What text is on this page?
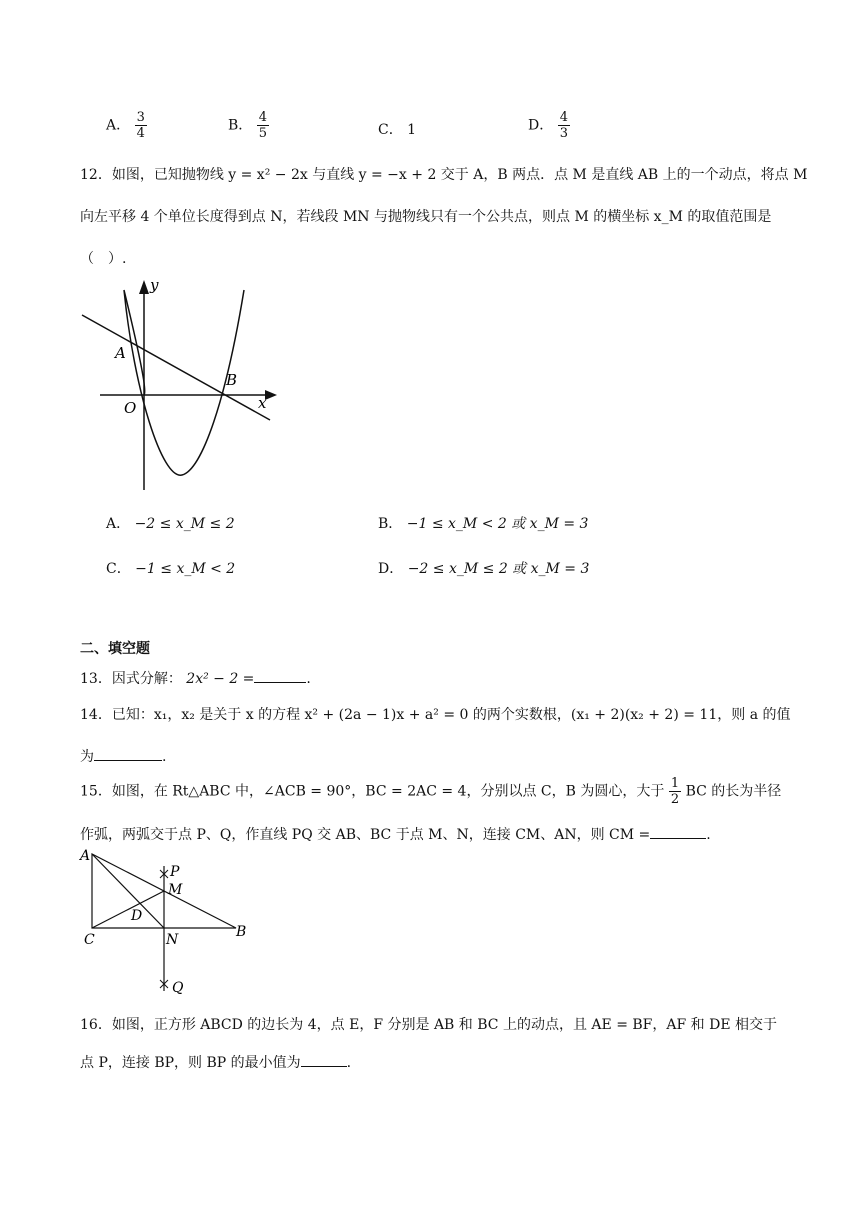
A． $\frac{3}{4}$	B． $\frac{4}{5}$	C． 1	D． $\frac{4}{3}$
12．如图，已知抛物线 y = x² − 2x 与直线 y = −x + 2 交于 A，B 两点．点 M 是直线 AB 上的一个动点，将点 M
向左平移 4 个单位长度得到点 N，若线段 MN 与抛物线只有一个公共点，则点 M 的横坐标 x_M 的取值范围是
（　）.
B
A
O	x
y
A． −2 ≤ x_M ≤ 2	B． −1 ≤ x_M < 2 或 x_M = 3
C． −1 ≤ x_M < 2	D． −2 ≤ x_M ≤ 2 或 x_M = 3
二、填空题
13．因式分解： 2x² − 2 =	.
14．已知：x₁，x₂ 是关于 x 的方程 x² + (2a − 1)x + a² = 0 的两个实数根，(x₁ + 2)(x₂ + 2) = 11，则 a 的值
为	.
15．如图，在 Rt△ABC 中，∠ACB = 90°，BC = 2AC = 4，分别以点 C，B 为圆心，大于 $\frac{1}{2}$ BC 的长为半径
作弧，两弧交于点 P、Q，作直线 PQ 交 AB、BC 于点 M、N，连接 CM、AN，则 CM =	.
A
P
M
D
C	N	B
Q
16．如图，正方形 ABCD 的边长为 4，点 E，F 分别是 AB 和 BC 上的动点，且 AE = BF，AF 和 DE 相交于
点 P，连接 BP，则 BP 的最小值为	.
